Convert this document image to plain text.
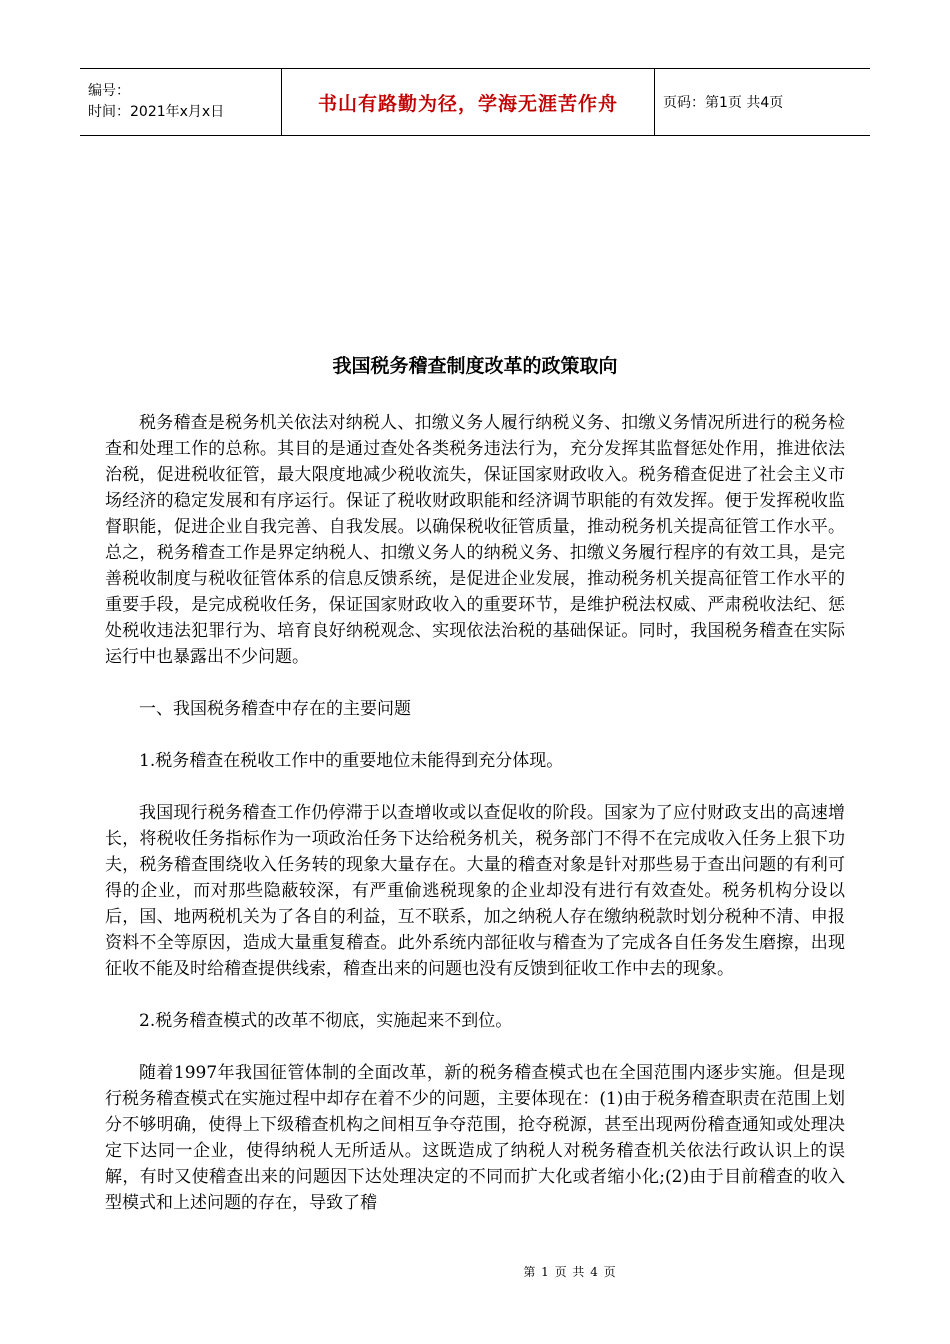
编号：
时间：2021年x月x日	书山有路勤为径，学海无涯苦作舟	页码：第1页 共4页
我国税务稽查制度改革的政策取向

税务稽查是税务机关依法对纳税人、扣缴义务人履行纳税义务、扣缴义务情况所进行的税务检查和处理工作的总称。其目的是通过查处各类税务违法行为，充分发挥其监督惩处作用，推进依法治税，促进税收征管，最大限度地减少税收流失，保证国家财政收入。税务稽查促进了社会主义市场经济的稳定发展和有序运行。保证了税收财政职能和经济调节职能的有效发挥。便于发挥税收监督职能，促进企业自我完善、自我发展。以确保税收征管质量，推动税务机关提高征管工作水平。总之，税务稽查工作是界定纳税人、扣缴义务人的纳税义务、扣缴义务履行程序的有效工具，是完善税收制度与税收征管体系的信息反馈系统，是促进企业发展，推动税务机关提高征管工作水平的重要手段，是完成税收任务，保证国家财政收入的重要环节，是维护税法权威、严肃税收法纪、惩处税收违法犯罪行为、培育良好纳税观念、实现依法治税的基础保证。同时，我国税务稽查在实际运行中也暴露出不少问题。

一、我国税务稽查中存在的主要问题

1.税务稽查在税收工作中的重要地位未能得到充分体现。

我国现行税务稽查工作仍停滞于以查增收或以查促收的阶段。国家为了应付财政支出的高速增长，将税收任务指标作为一项政治任务下达给税务机关，税务部门不得不在完成收入任务上狠下功夫，税务稽查围绕收入任务转的现象大量存在。大量的稽查对象是针对那些易于查出问题的有利可得的企业，而对那些隐蔽较深，有严重偷逃税现象的企业却没有进行有效查处。税务机构分设以后，国、地两税机关为了各自的利益，互不联系，加之纳税人存在缴纳税款时划分税种不清、申报资料不全等原因，造成大量重复稽查。此外系统内部征收与稽查为了完成各自任务发生磨擦，出现征收不能及时给稽查提供线索，稽查出来的问题也没有反馈到征收工作中去的现象。

2.税务稽查模式的改革不彻底，实施起来不到位。

随着1997年我国征管体制的全面改革，新的税务稽查模式也在全国范围内逐步实施。但是现行税务稽查模式在实施过程中却存在着不少的问题，主要体现在：(1)由于税务稽查职责在范围上划分不够明确，使得上下级稽查机构之间相互争夺范围，抢夺税源，甚至出现两份稽查通知或处理决定下达同一企业，使得纳税人无所适从。这既造成了纳税人对税务稽查机关依法行政认识上的误解，有时又使稽查出来的问题因下达处理决定的不同而扩大化或者缩小化;(2)由于目前稽查的收入型模式和上述问题的存在，导致了稽

第 1 页 共 4 页
